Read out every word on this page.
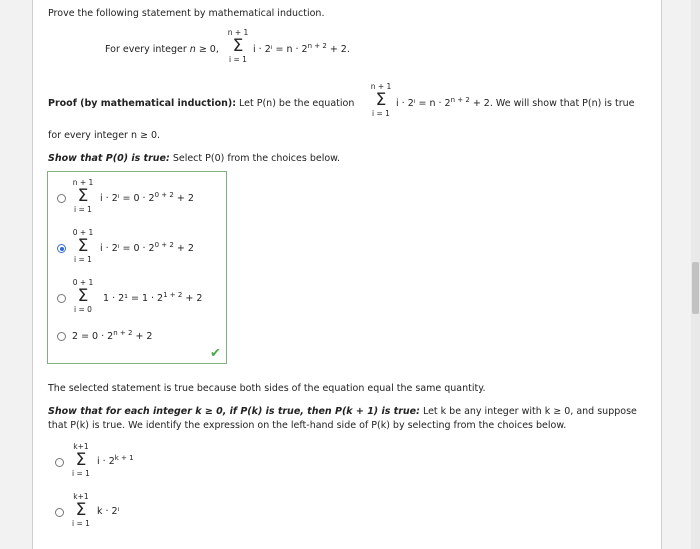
Prove the following statement by mathematical induction.
For every integer n ≥ 0,
n + 1
Σ
i = 1
$i \cdot 2^i = n \cdot 2^{n + 2} + 2$.
Proof (by mathematical induction): Let P(n) be the equation
n + 1
Σ
i = 1
$i \cdot 2^i = n \cdot 2^{n + 2} + 2$. We will show that P(n) is true
for every integer n ≥ 0.
Show that P(0) is true: Select P(0) from the choices below.
n + 1
Σ
i = 1
$i \cdot 2^i = 0 \cdot 2^{0 + 2} + 2$
0 + 1
Σ
i = 1
$i \cdot 2^i = 0 \cdot 2^{0 + 2} + 2$
0 + 1
Σ
i = 0
$1 \cdot 2^1 = 1 \cdot 2^{1 + 2} + 2$
$2 = 0 \cdot 2^{n + 2} + 2$
✔
The selected statement is true because both sides of the equation equal the same quantity.
Show that for each integer k ≥ 0, if P(k) is true, then P(k + 1) is true: Let k be any integer with k ≥ 0, and suppose
that P(k) is true. We identify the expression on the left-hand side of P(k) by selecting from the choices below.
k+1
Σ
i = 1
$i \cdot 2^{k + 1}$
k+1
Σ
i = 1
k · 2ⁱ
